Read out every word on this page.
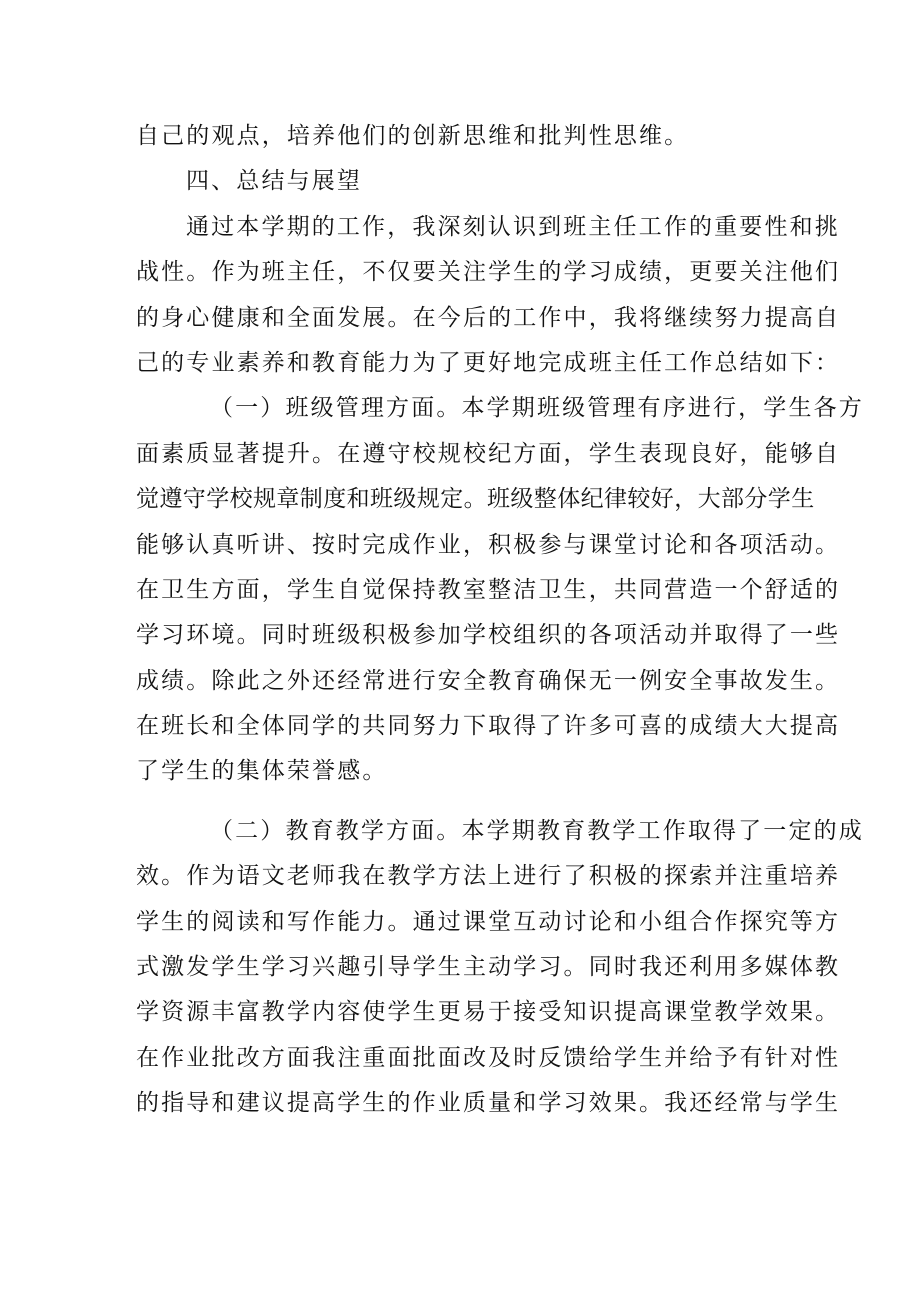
自己的观点，培养他们的创新思维和批判性思维。
四、总结与展望
通过本学期的工作，我深刻认识到班主任工作的重要性和挑
战性。作为班主任，不仅要关注学生的学习成绩，更要关注他们
的身心健康和全面发展。在今后的工作中，我将继续努力提高自
己的专业素养和教育能力为了更好地完成班主任工作总结如下：
（一）班级管理方面。本学期班级管理有序进行，学生各方
面素质显著提升。在遵守校规校纪方面，学生表现良好，能够自
觉遵守学校规章制度和班级规定。班级整体纪律较好，大部分学生
能够认真听讲、按时完成作业，积极参与课堂讨论和各项活动。
在卫生方面，学生自觉保持教室整洁卫生，共同营造一个舒适的
学习环境。同时班级积极参加学校组织的各项活动并取得了一些
成绩。除此之外还经常进行安全教育确保无一例安全事故发生。
在班长和全体同学的共同努力下取得了许多可喜的成绩大大提高
了学生的集体荣誉感。
（二）教育教学方面。本学期教育教学工作取得了一定的成
效。作为语文老师我在教学方法上进行了积极的探索并注重培养
学生的阅读和写作能力。通过课堂互动讨论和小组合作探究等方
式激发学生学习兴趣引导学生主动学习。同时我还利用多媒体教
学资源丰富教学内容使学生更易于接受知识提高课堂教学效果。
在作业批改方面我注重面批面改及时反馈给学生并给予有针对性
的指导和建议提高学生的作业质量和学习效果。我还经常与学生
